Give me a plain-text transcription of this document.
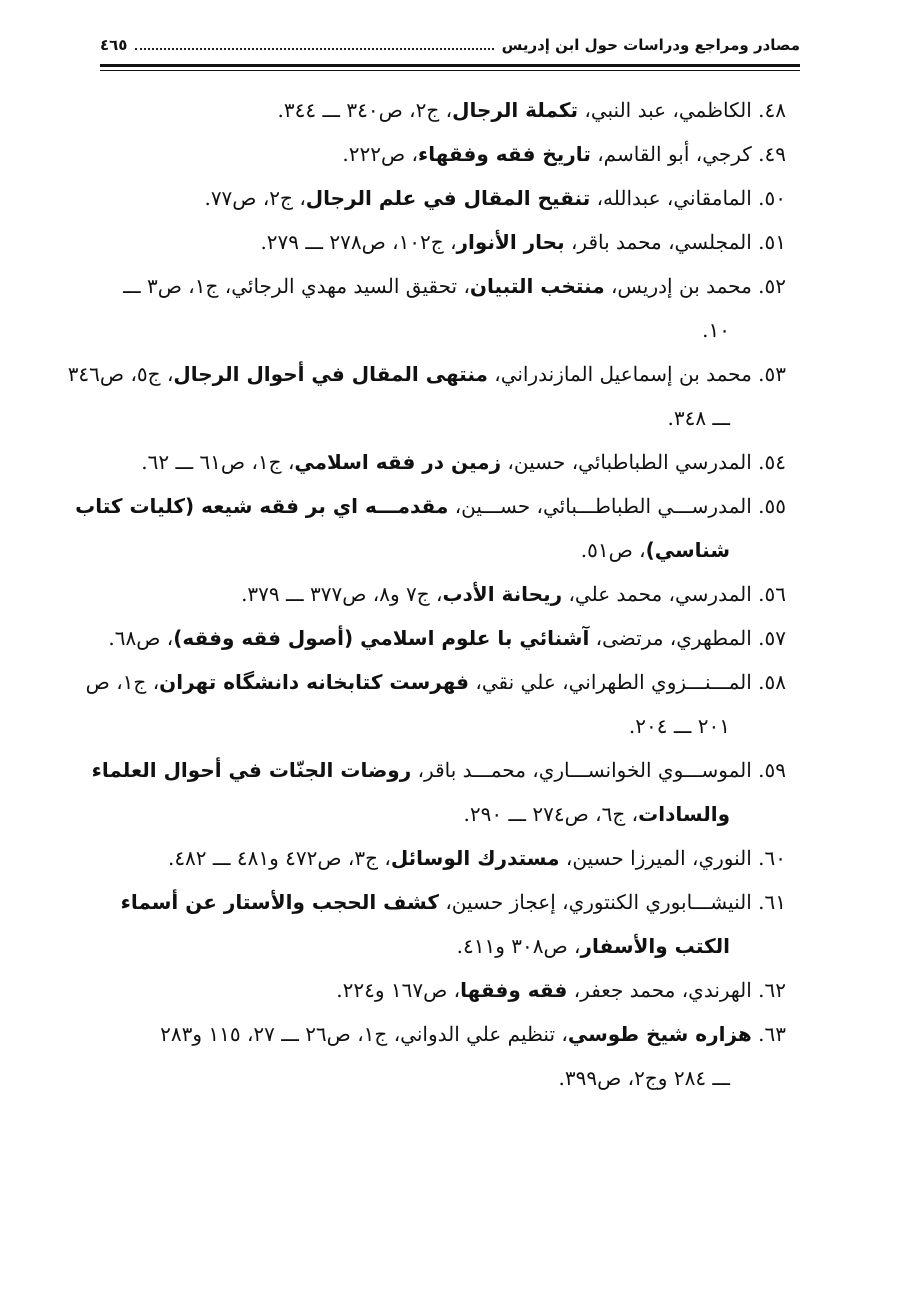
مصادر ومراجع ودراسات حول ابن إدريس
٤٦٥
٤٨. الكاظمي، عبد النبي، تكملة الرجال، ج٢، ص٣٤٠ ـــ ٣٤٤.
٤٩. كرجي، أبو القاسم، تاريخ فقه وفقهاء، ص٢٢٢.
٥٠. المامقاني، عبدالله، تنقيح المقال في علم الرجال، ج٢، ص٧٧.
٥١. المجلسي، محمد باقر، بحار الأنوار، ج١٠٢، ص٢٧٨ ـــ ٢٧٩.
٥٢. محمد بن إدريس، منتخب التبيان، تحقيق السيد مهدي الرجائي، ج١، ص٣ ـــ
١٠.
٥٣. محمد بن إسماعيل المازندراني، منتهى المقال في أحوال الرجال، ج٥، ص٣٤٦
ـــ ٣٤٨.
٥٤. المدرسي الطباطبائي، حسين، زمين در فقه اسلامي، ج١، ص٦١ ـــ ٦٢.
٥٥. المدرســـي الطباطـــبائي، حســـين، مقدمـــه اي بر فقه شيعه (كليات كتاب
شناسي)، ص٥١.
٥٦. المدرسي، محمد علي، ريحانة الأدب، ج٧ و٨، ص٣٧٧ ـــ ٣٧٩.
٥٧. المطهري، مرتضى، آشنائي با علوم اسلامي (أصول فقه وفقه)، ص٦٨.
٥٨. المـــنـــزوي الطهراني، علي نقي، فهرست كتابخانه دانشگاه تهران، ج١، ص
٢٠١ ـــ ٢٠٤.
٥٩. الموســـوي الخوانســـاري، محمـــد باقر، روضات الجنّات في أحوال العلماء
والسادات، ج٦، ص٢٧٤ ـــ ٢٩٠.
٦٠. النوري، الميرزا حسين، مستدرك الوسائل، ج٣، ص٤٧٢ و٤٨١ ـــ ٤٨٢.
٦١. النيشـــابوري الكنتوري، إعجاز حسين، كشف الحجب والأستار عن أسماء
الكتب والأسفار، ص٣٠٨ و٤١١.
٦٢. الهرندي، محمد جعفر، فقه وفقها، ص١٦٧ و٢٢٤.
٦٣. هزاره شيخ طوسي، تنظيم علي الدواني، ج١، ص٢٦ ـــ ٢٧، ١١٥ و٢٨٣
ـــ ٢٨٤ وج٢، ص٣٩٩.
